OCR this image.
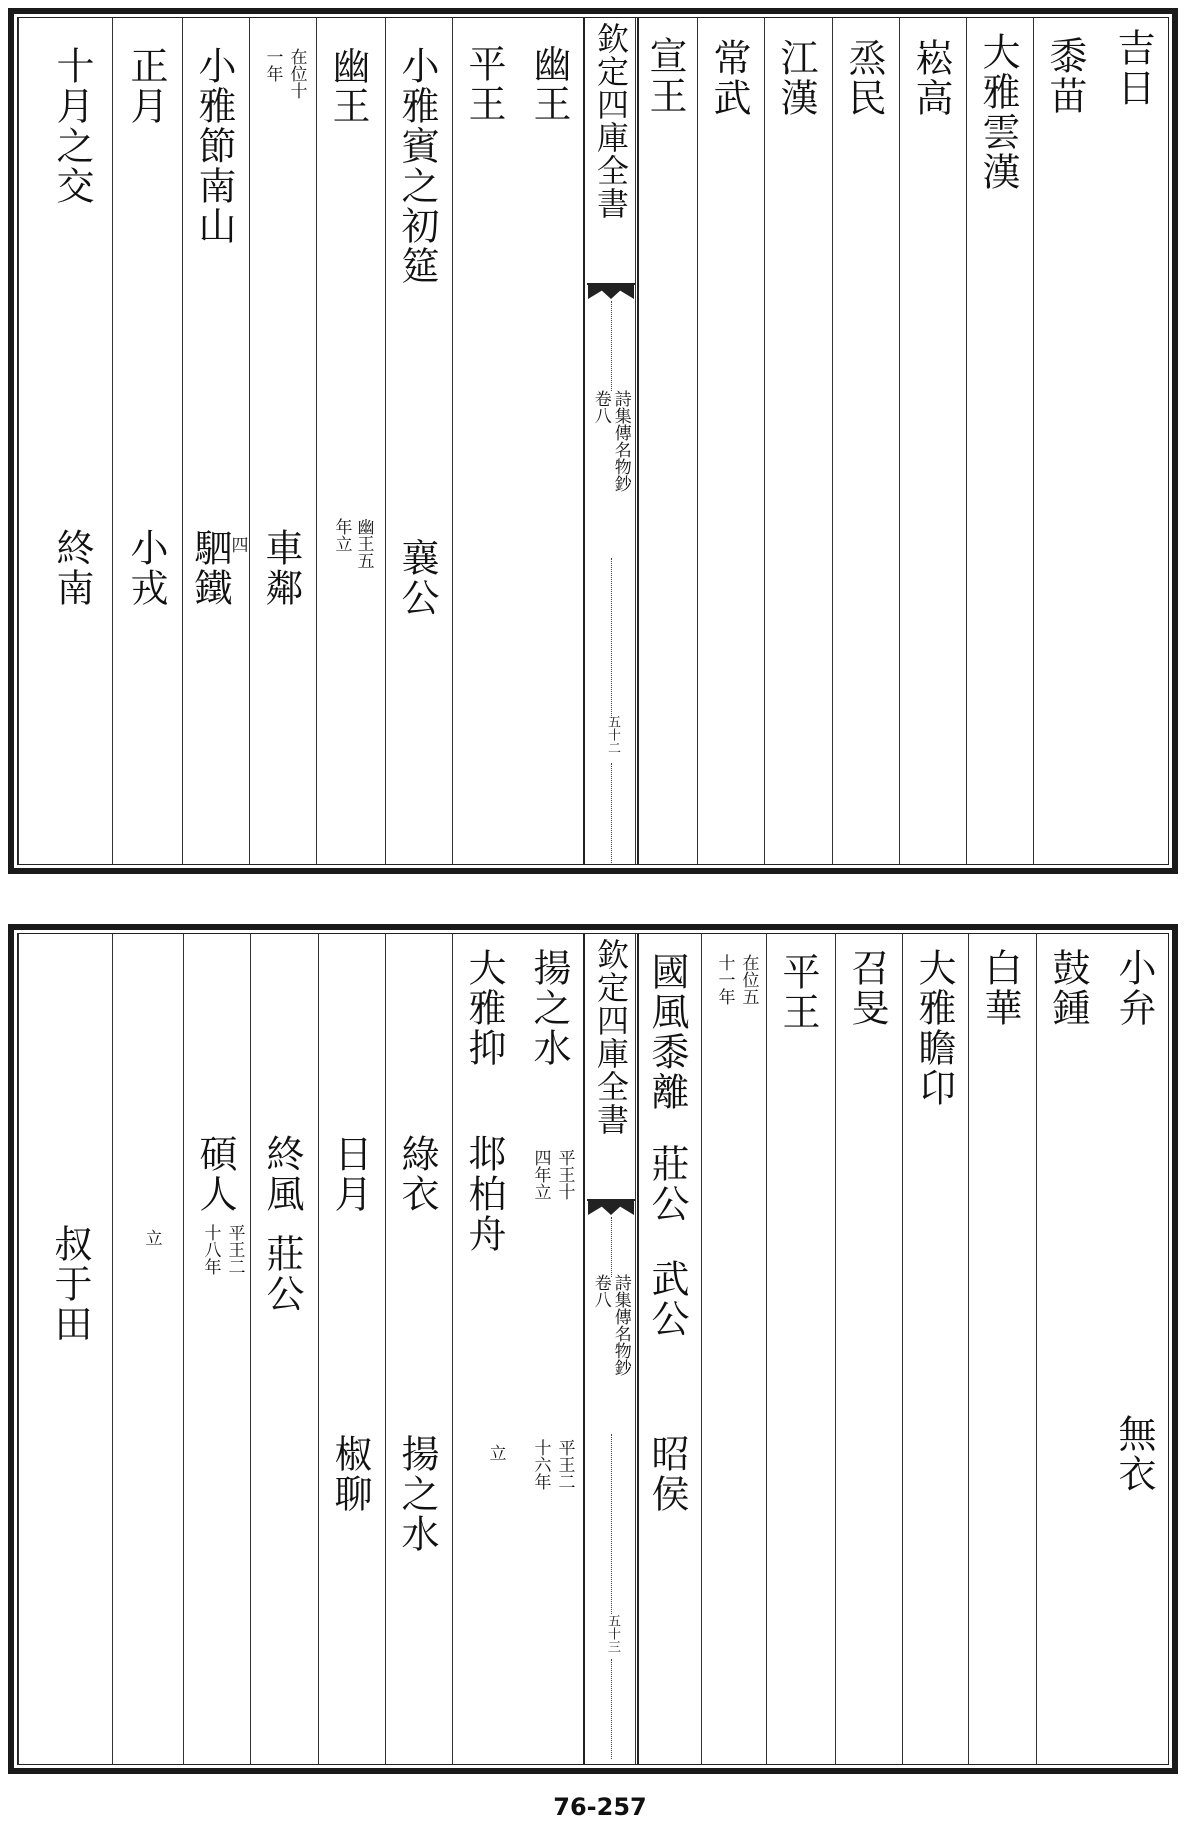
吉日
黍苗
大雅雲漢
崧高
烝民
江漢
常武
宣王
欽定四庫全書
詩集傳名物鈔
卷八
五十二
幽王
平王
小雅賓之初筵
襄公
幽王
幽王五
年立
在位十
一年
車鄰
小雅節南山
四
駟鐵
正月
小戎
十月之交
終南
小弁
無衣
鼓鍾
白華
大雅瞻卬
召旻
平王
在位五
十一年
國風黍離
莊公
武公
昭侯
欽定四庫全書
詩集傳名物鈔
卷八
五十三
揚之水
平王十
四年立
平王二
十六年
大雅抑
邶柏舟
立
綠衣
揚之水
日月
椒聊
終風
莊公
碩人
平王二
十八年
立
叔于田
76-257
